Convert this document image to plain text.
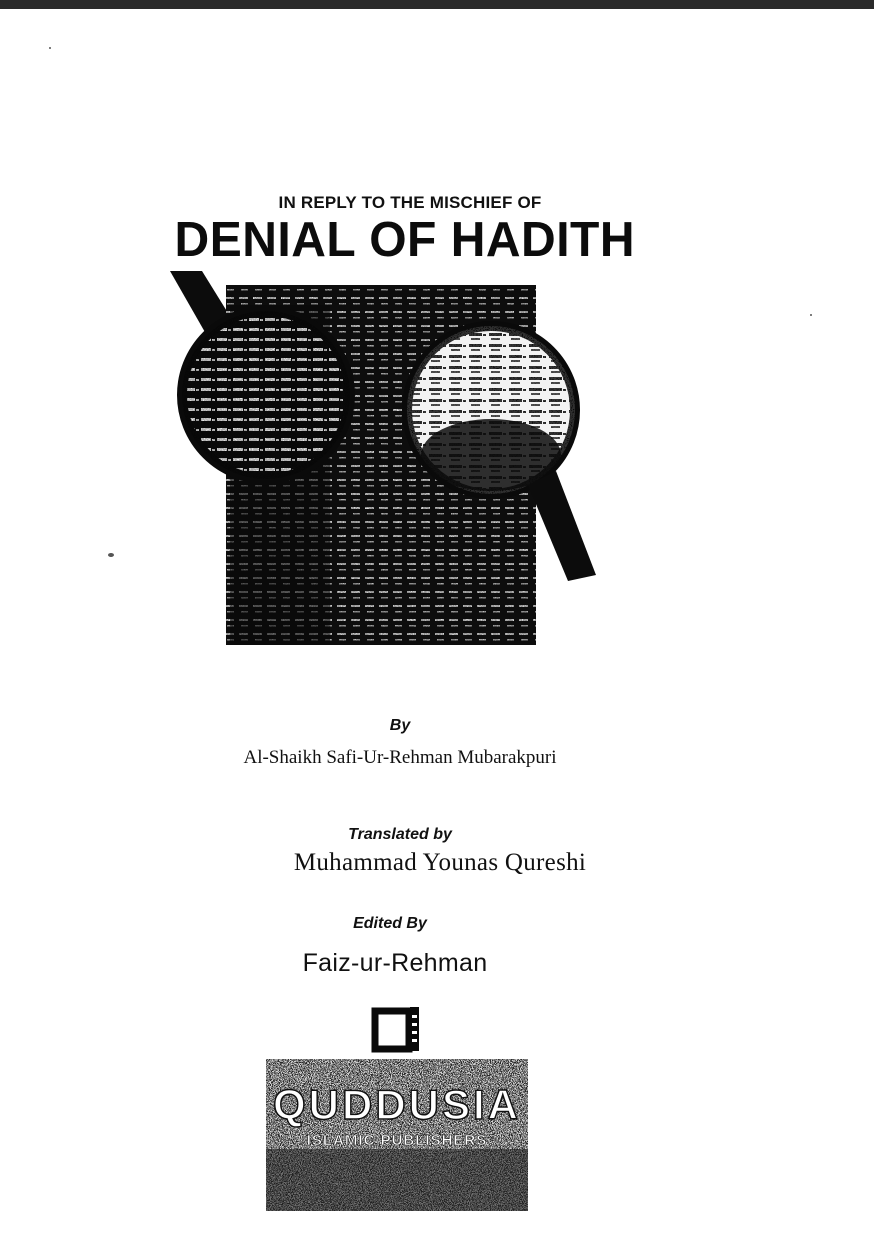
IN REPLY TO THE MISCHIEF OF
DENIAL OF HADITH
By
Al-Shaikh Safi-Ur-Rehman Mubarakpuri
Translated by
Muhammad Younas Qureshi
Edited By
Faiz-ur-Rehman
QUDDUSIA
ISLAMIC PUBLISHERS
